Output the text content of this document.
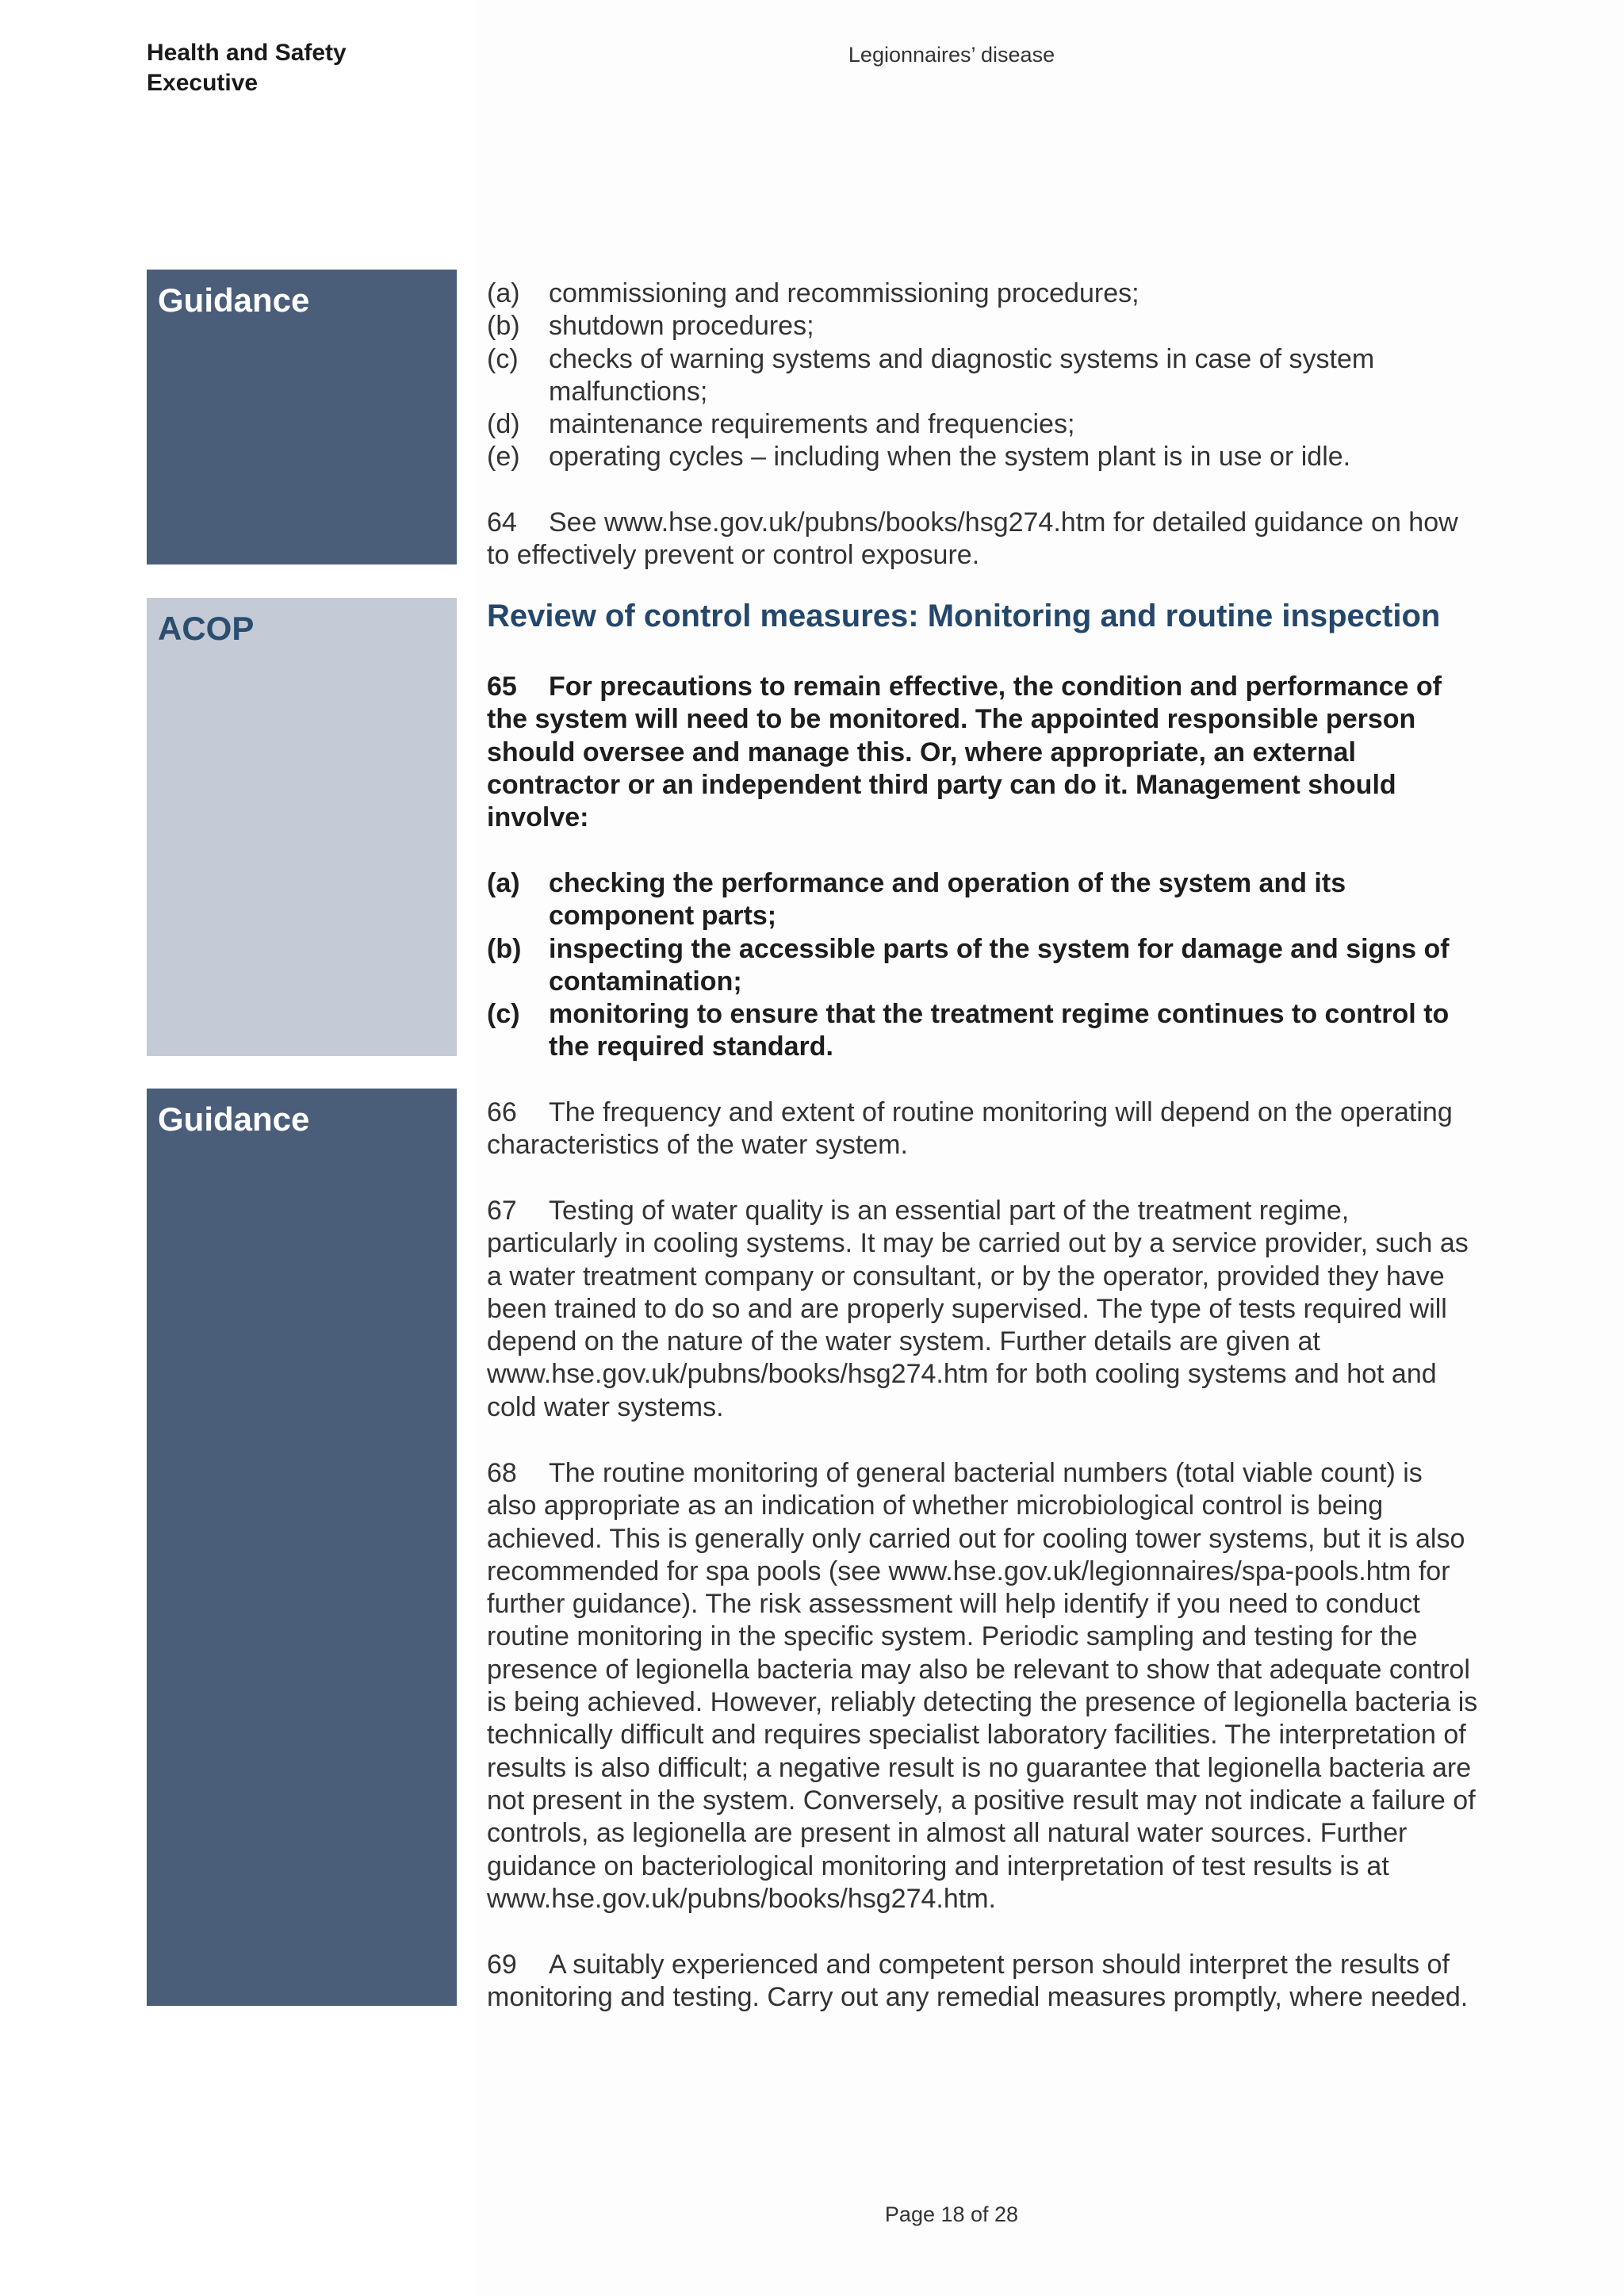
Health and Safety
Executive
Legionnaires’ disease
Guidance
ACOP
Guidance
(a) commissioning and recommissioning procedures;
(b) shutdown procedures;
(c) checks of warning systems and diagnostic systems in case of system malfunctions;
(d) maintenance requirements and frequencies;
(e) operating cycles – including when the system plant is in use or idle.

64 See www.hse.gov.uk/pubns/books/hsg274.htm for detailed guidance on how to effectively prevent or control exposure.

Review of control measures: Monitoring and routine inspection

65 For precautions to remain effective, the condition and performance of the system will need to be monitored. The appointed responsible person should oversee and manage this. Or, where appropriate, an external contractor or an independent third party can do it. Management should involve:

(a) checking the performance and operation of the system and its component parts;
(b) inspecting the accessible parts of the system for damage and signs of contamination;
(c) monitoring to ensure that the treatment regime continues to control to the required standard.

66 The frequency and extent of routine monitoring will depend on the operating characteristics of the water system.

67 Testing of water quality is an essential part of the treatment regime, particularly in cooling systems. It may be carried out by a service provider, such as a water treatment company or consultant, or by the operator, provided they have been trained to do so and are properly supervised. The type of tests required will depend on the nature of the water system. Further details are given at www.hse.gov.uk/pubns/books/hsg274.htm for both cooling systems and hot and cold water systems.

68 The routine monitoring of general bacterial numbers (total viable count) is also appropriate as an indication of whether microbiological control is being achieved. This is generally only carried out for cooling tower systems, but it is also recommended for spa pools (see www.hse.gov.uk/legionnaires/spa-pools.htm for further guidance). The risk assessment will help identify if you need to conduct routine monitoring in the specific system. Periodic sampling and testing for the presence of legionella bacteria may also be relevant to show that adequate control is being achieved. However, reliably detecting the presence of legionella bacteria is technically difficult and requires specialist laboratory facilities. The interpretation of results is also difficult; a negative result is no guarantee that legionella bacteria are not present in the system. Conversely, a positive result may not indicate a failure of controls, as legionella are present in almost all natural water sources. Further guidance on bacteriological monitoring and interpretation of test results is at www.hse.gov.uk/pubns/books/hsg274.htm.

69 A suitably experienced and competent person should interpret the results of monitoring and testing. Carry out any remedial measures promptly, where needed.

Page 18 of 28
